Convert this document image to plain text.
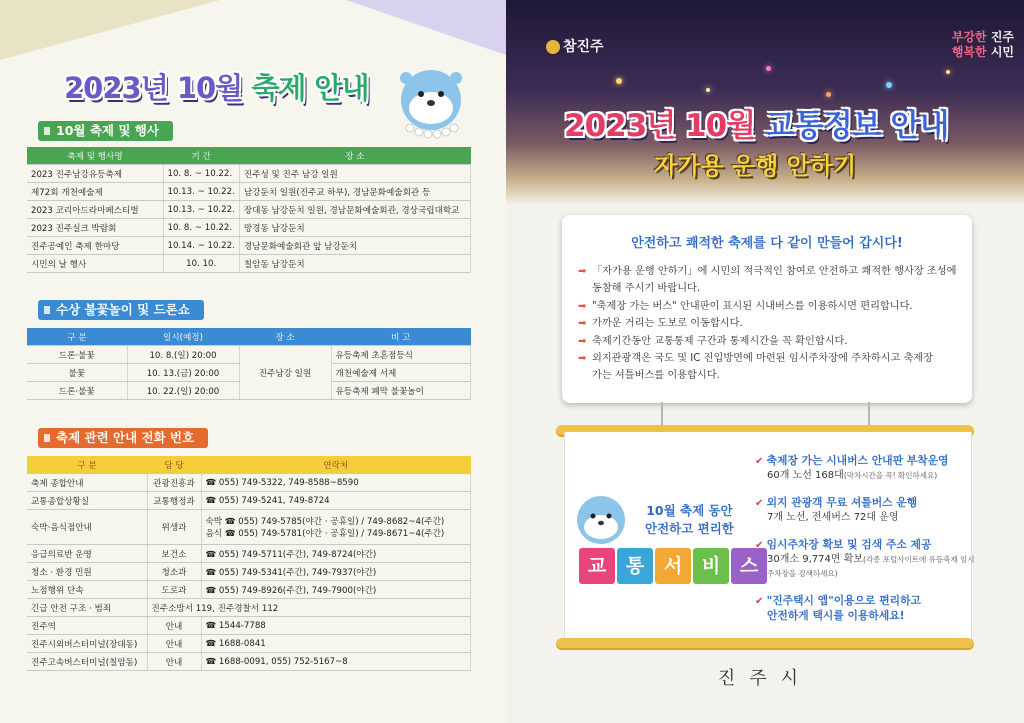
2023년 10월 축제 안내
10월 축제 및 행사
축제 및 행사명	기 간	장 소
2023 진주남강유등축제	10. 8. ~ 10.22.	진주성 및 진주 남강 일원
제72회 개천예술제	10.13. ~ 10.22.	남강둔치 일원(진주교 하부), 경남문화예술회관 등
2023 코리아드라마페스티벌	10.13. ~ 10.22.	장대동 남강둔치 일원, 경남문화예술회관, 경상국립대학교
2023 진주실크 박람회	10. 8. ~ 10.22.	망경동 남강둔치
진주공예인 축제 한마당	10.14. ~ 10.22.	경남문화예술회관 앞 남강둔치
시민의 날 행사	10. 10.	칠암동 남강둔치
수상 불꽃놀이 및 드론쇼
구 분	일시(예정)	장 소	비 고
드론·불꽃	10. 8.(일) 20:00	진주남강 일원	유등축제 초혼점등식
불꽃	10. 13.(금) 20:00		개천예술제 서제
드론·불꽃	10. 22.(일) 20:00		유등축제 폐막 불꽃놀이
축제 관련 안내 전화 번호
구 분	담 당	연락처
축제 종합안내	관광진흥과	☎ 055) 749-5322, 749-8588~8590
교통종합상황실	교통행정과	☎ 055) 749-5241, 749-8724
숙박·음식점안내	위생과	숙박 ☎ 055) 749-5785(야간 · 공휴일) / 749-8682~4(주간)
음식 ☎ 055) 749-5781(야간 · 공휴일) / 749-8671~4(주간)

응급의료반 운영	보건소	☎ 055) 749-5711(주간), 749-8724(야간)
청소 · 환경 민원	청소과	☎ 055) 749-5341(주간), 749-7937(야간)
노점행위 단속	도로과	☎ 055) 749-8926(주간), 749-7900(야간)
긴급 안전 구조 · 범죄	진주소방서 119, 진주경찰서 112	
진주역	안내	☎ 1544-7788
진주시외버스터미널(장대동)	안내	☎ 1688-0841
진주고속버스터미널(칠암동)	안내	☎ 1688-0091, 055) 752-5167~8
참진주
부강한 진주
행복한 시민
2023년 10월 교통정보 안내
자가용 운행 안하기
안전하고 쾌적한 축제를 다 같이 만들어 갑시다!
➡ 「자가용 운행 안하기」에 시민의 적극적인 참여로 안전하고 쾌적한 행사장 조성에
동참해 주시기 바랍니다.
➡ "축제장 가는 버스" 안내판이 표시된 시내버스를 이용하시면 편리합니다.
➡ 가까운 거리는 도보로 이동합시다.
➡ 축제기간동안 교통통제 구간과 통제시간을 꼭 확인합시다.
➡ 외지관광객은 국도 및 IC 진입방면에 마련된 임시주차장에 주차하시고 축제장
가는 셔틀버스를 이용합시다.
10월 축제 동안
안전하고 편리한
교 통 서 비 스
✔ 축제장 가는 시내버스 안내판 부착운영
60개 노선 168대(막차시간을 꼭! 확인하세요)
✔ 외지 관광객 무료 셔틀버스 운행
7개 노선, 전세버스 72대 운영
✔ 임시주차장 확보 및 검색 주소 제공
30개소 9,774면 확보(각종 포털사이트에 유등축제 임시주차장을 검색하세요)
✔ "진주택시 앱"이용으로 편리하고
안전하게 택시를 이용하세요!
진주시
